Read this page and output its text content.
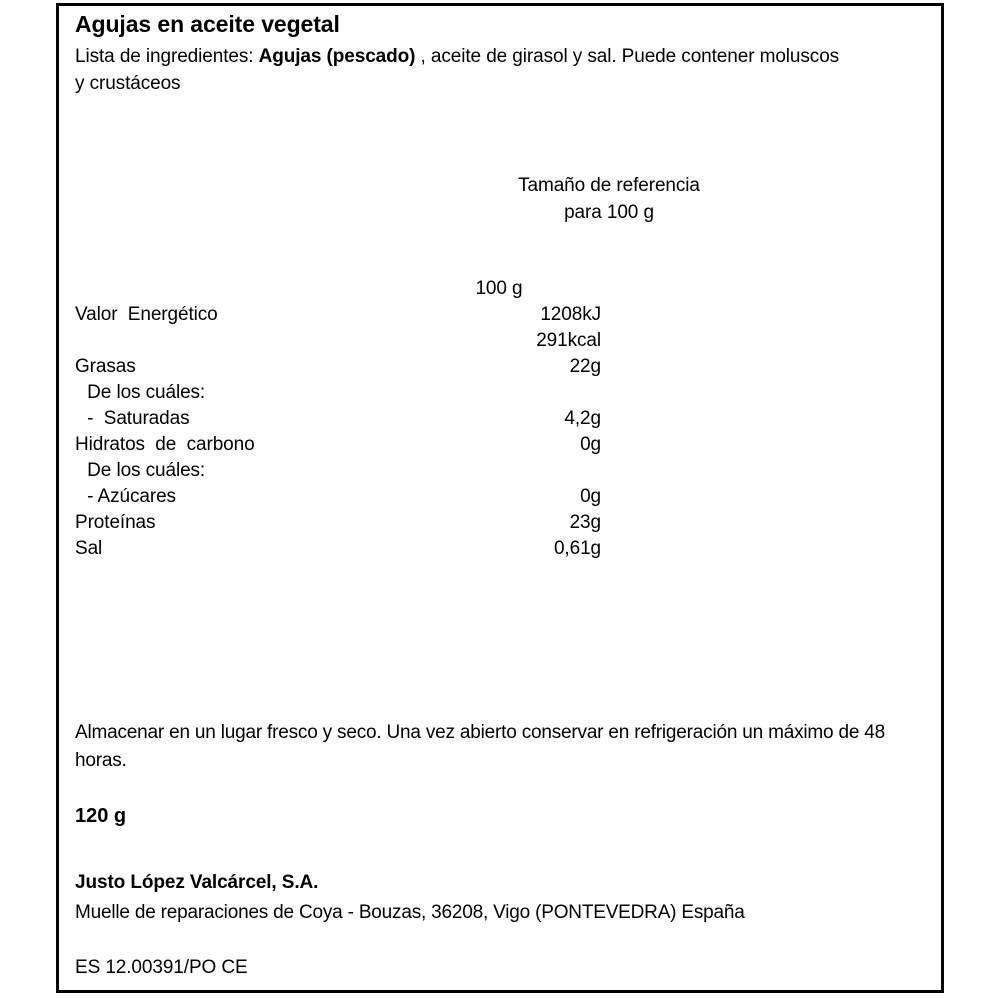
Agujas en aceite vegetal
Lista de ingredientes: Agujas (pescado) , aceite de girasol y sal. Puede contener moluscos y crustáceos
Tamaño de referencia
para 100 g
100 g
Valor  Energético	1208kJ
291kcal
Grasas	22g
De los cuáles:
-  Saturadas	4,2g
Hidratos  de  carbono	0g
De los cuáles:
- Azúcares	0g
Proteínas	23g
Sal	0,61g
Almacenar en un lugar fresco y seco. Una vez abierto conservar en refrigeración un máximo de 48 horas.
120 g
Justo López Valcárcel, S.A.
Muelle de reparaciones de Coya - Bouzas, 36208, Vigo (PONTEVEDRA) España
ES 12.00391/PO CE
